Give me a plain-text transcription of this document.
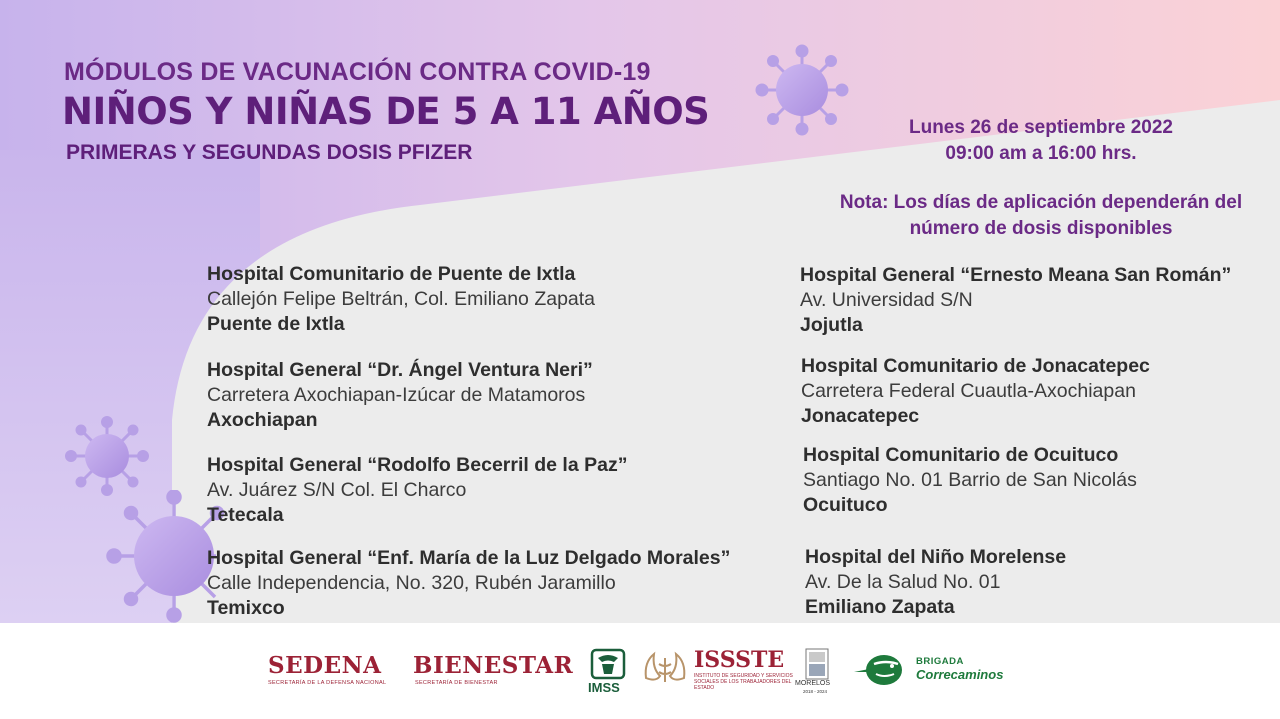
MÓDULOS DE VACUNACIÓN CONTRA COVID-19
NIÑOS Y NIÑAS DE 5 A 11 AÑOS
PRIMERAS Y SEGUNDAS DOSIS PFIZER
Lunes 26 de septiembre 2022
09:00 am a 16:00 hrs.
Nota: Los días de aplicación dependerán del
número de dosis disponibles
Hospital Comunitario de Puente de Ixtla
Callejón Felipe Beltrán, Col. Emiliano Zapata
Puente de Ixtla
Hospital General “Dr. Ángel Ventura Neri”
Carretera Axochiapan-Izúcar de Matamoros
Axochiapan
Hospital General “Rodolfo Becerril de la Paz”
Av. Juárez S/N Col. El Charco
Tetecala
Hospital General “Enf. María de la Luz Delgado Morales”
Calle Independencia, No. 320, Rubén Jaramillo
Temixco
Hospital General “Ernesto Meana San Román”
Av. Universidad S/N
Jojutla
Hospital Comunitario de Jonacatepec
Carretera Federal Cuautla-Axochiapan
Jonacatepec
Hospital Comunitario de Ocuituco
Santiago No. 01 Barrio de San Nicolás
Ocuituco
Hospital del Niño Morelense
Av. De la Salud No. 01
Emiliano Zapata
SEDENA
SECRETARÍA DE LA DEFENSA NACIONAL
BIENESTAR
SECRETARÍA DE BIENESTAR	IMSS
ISSSTE
INSTITUTO DE SEGURIDAD Y SERVICIOS SOCIALES DE LOS TRABAJADORES DEL ESTADO
MORELOS
2018 - 2024
BRIGADA
Correcaminos
